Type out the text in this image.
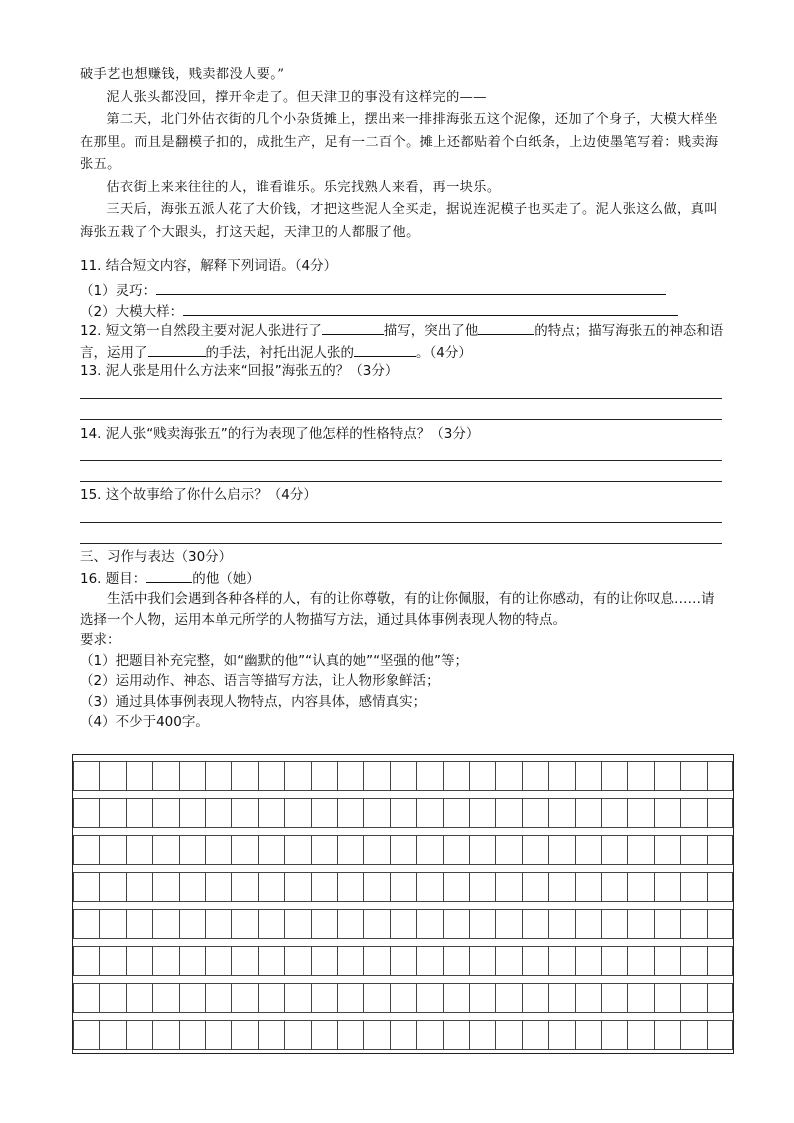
破手艺也想赚钱，贱卖都没人要。”

泥人张头都没回，撑开伞走了。但天津卫的事没有这样完的——

第二天，北门外估衣街的几个小杂货摊上，摆出来一排排海张五这个泥像，还加了个身子，大模大样坐在那里。而且是翻模子扣的，成批生产，足有一二百个。摊上还都贴着个白纸条，上边使墨笔写着：贱卖海张五。

估衣街上来来往往的人，谁看谁乐。乐完找熟人来看，再一块乐。

三天后，海张五派人花了大价钱，才把这些泥人全买走，据说连泥模子也买走了。泥人张这么做，真叫海张五栽了个大跟头，打这天起，天津卫的人都服了他。

11. 结合短文内容，解释下列词语。（4分）

（1）灵巧：

（2）大模大样：

12. 短文第一自然段主要对泥人张进行了	描写，突出了他	的特点；描写海张五的神态和语言，运用了	的手法，衬托出泥人张的	。（4分）

13. 泥人张是用什么方法来“回报”海张五的？（3分）

14. 泥人张“贱卖海张五”的行为表现了他怎样的性格特点？（3分）

15. 这个故事给了你什么启示？（4分）

三、习作与表达（30分）

16. 题目：	的他（她）

生活中我们会遇到各种各样的人，有的让你尊敬，有的让你佩服，有的让你感动，有的让你叹息……请选择一个人物，运用本单元所学的人物描写方法，通过具体事例表现人物的特点。

要求：

（1）把题目补充完整，如“幽默的他”“认真的她”“坚强的他”等；

（2）运用动作、神态、语言等描写方法，让人物形象鲜活；

（3）通过具体事例表现人物特点，内容具体，感情真实；

（4）不少于400字。
